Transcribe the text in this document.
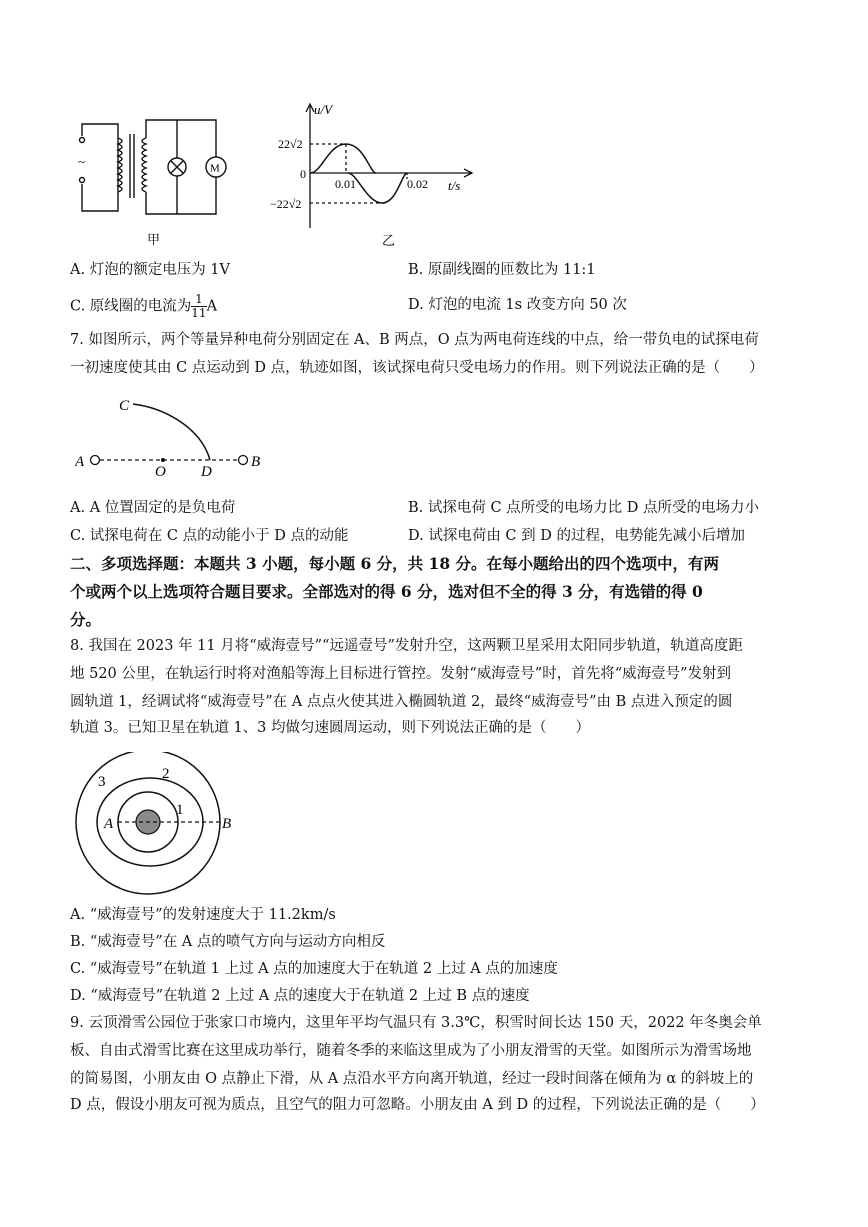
~	M
甲
u/V
t/s
0
22√2
−22√2
0.01	0.02
乙
A. 灯泡的额定电压为 1V	B. 原副线圈的匝数比为 11:1
C. 原线圈的电流为 $\frac{1}{11}$ A	D. 灯泡的电流 1s 改变方向 50 次
7. 如图所示，两个等量异种电荷分别固定在 A、B 两点，O 点为两电荷连线的中点，给一带负电的试探电荷
一初速度使其由 C 点运动到 D 点，轨迹如图，该试探电荷只受电场力的作用。则下列说法正确的是（　　）
C
A
O D
B
A. A 位置固定的是负电荷	B. 试探电荷 C 点所受的电场力比 D 点所受的电场力小
C. 试探电荷在 C 点的动能小于 D 点的动能	D. 试探电荷由 C 到 D 的过程，电势能先减小后增加
二、多项选择题：本题共 3 小题，每小题 6 分，共 18 分。在每小题给出的四个选项中，有两
个或两个以上选项符合题目要求。全部选对的得 6 分，选对但不全的得 3 分，有选错的得 0
分。
8. 我国在 2023 年 11 月将“威海壹号”“远遥壹号”发射升空，这两颗卫星采用太阳同步轨道，轨道高度距
地 520 公里，在轨运行时将对渔船等海上目标进行管控。发射“威海壹号”时，首先将“威海壹号”发射到
圆轨道 1，经调试将“威海壹号”在 A 点点火使其进入椭圆轨道 2，最终“威海壹号”由 B 点进入预定的圆
轨道 3。已知卫星在轨道 1、3 均做匀速圆周运动，则下列说法正确的是（　　）
3	2
1
A	B
A. “威海壹号”的发射速度大于 11.2km/s
B. “威海壹号”在 A 点的喷气方向与运动方向相反
C. “威海壹号”在轨道 1 上过 A 点的加速度大于在轨道 2 上过 A 点的加速度
D. “威海壹号”在轨道 2 上过 A 点的速度大于在轨道 2 上过 B 点的速度
9. 云顶滑雪公园位于张家口市境内，这里年平均气温只有 3.3℃，积雪时间长达 150 天，2022 年冬奥会单
板、自由式滑雪比赛在这里成功举行，随着冬季的来临这里成为了小朋友滑雪的天堂。如图所示为滑雪场地
的简易图，小朋友由 O 点静止下滑，从 A 点沿水平方向离开轨道，经过一段时间落在倾角为 α 的斜坡上的
D 点，假设小朋友可视为质点，且空气的阻力可忽略。小朋友由 A 到 D 的过程，下列说法正确的是（　　）
